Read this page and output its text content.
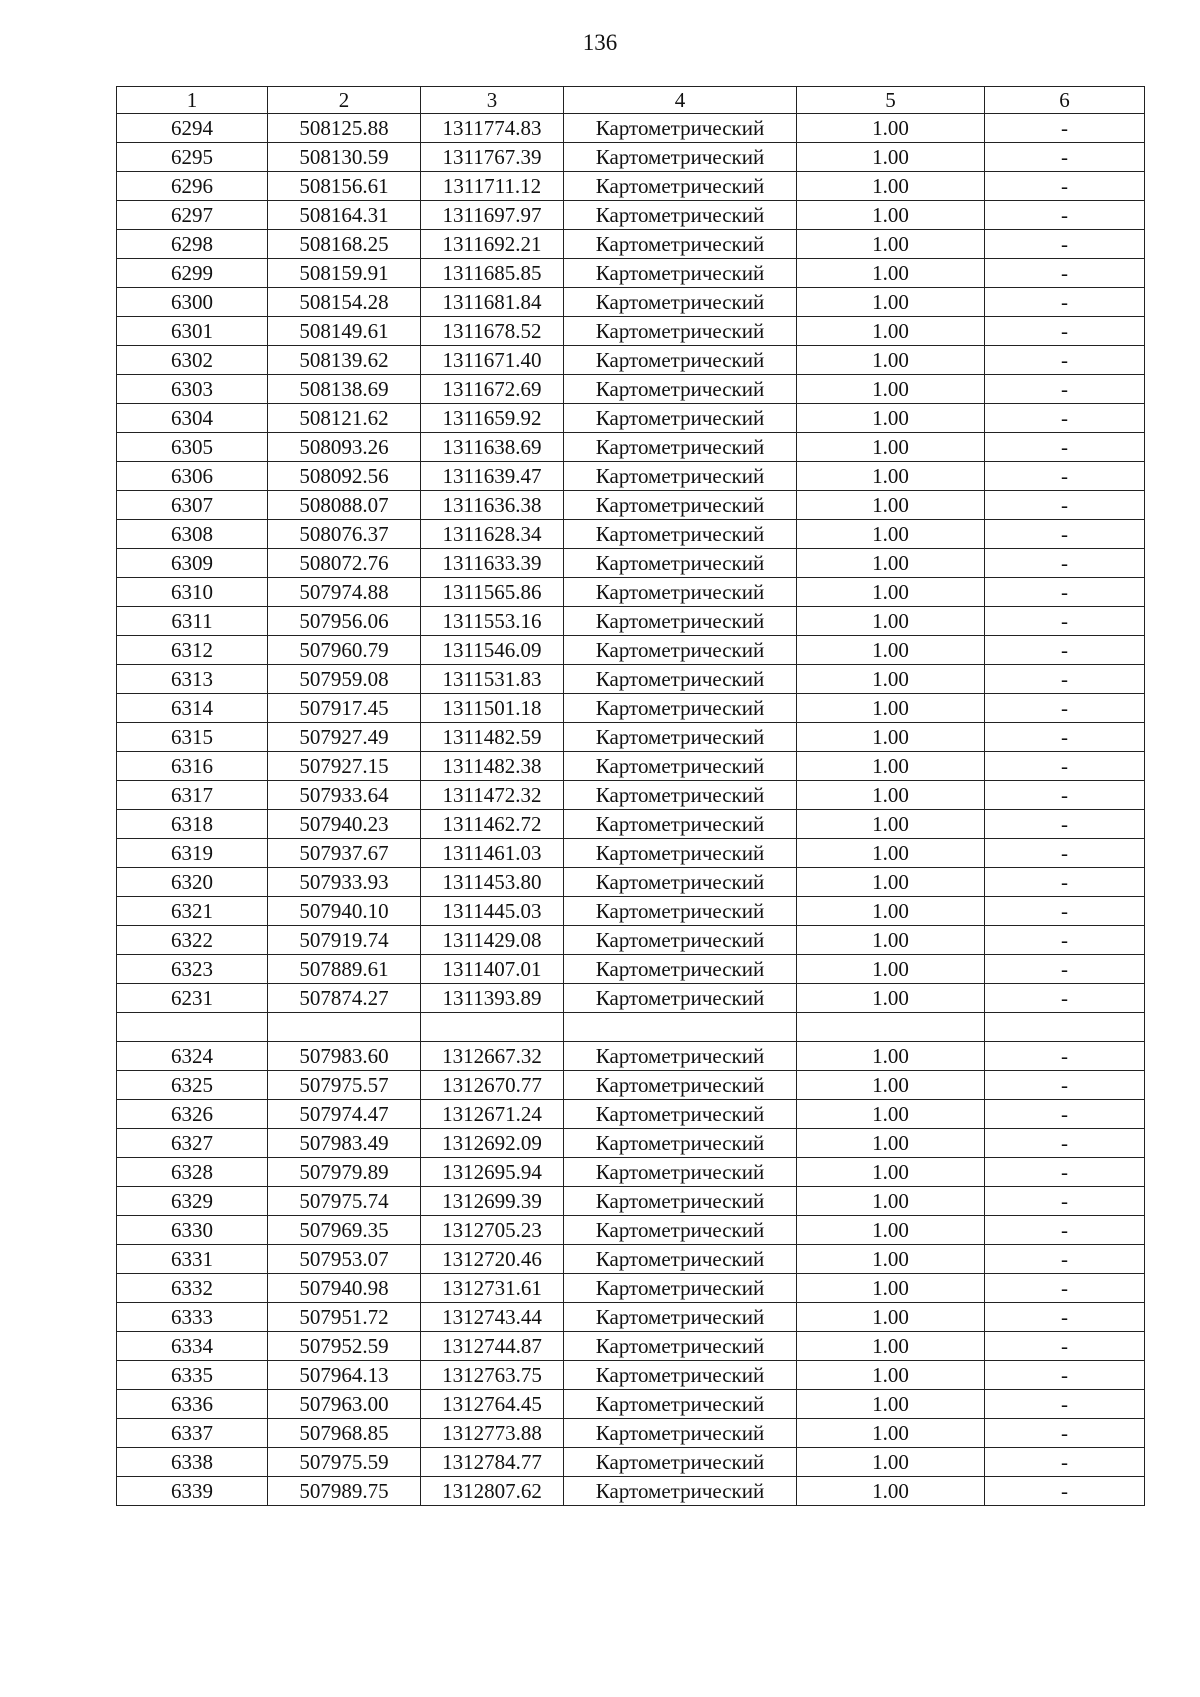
136
1	2	3	4	5	6
6294	508125.88	1311774.83	Картометрический	1.00	-
6295	508130.59	1311767.39	Картометрический	1.00	-
6296	508156.61	1311711.12	Картометрический	1.00	-
6297	508164.31	1311697.97	Картометрический	1.00	-
6298	508168.25	1311692.21	Картометрический	1.00	-
6299	508159.91	1311685.85	Картометрический	1.00	-
6300	508154.28	1311681.84	Картометрический	1.00	-
6301	508149.61	1311678.52	Картометрический	1.00	-
6302	508139.62	1311671.40	Картометрический	1.00	-
6303	508138.69	1311672.69	Картометрический	1.00	-
6304	508121.62	1311659.92	Картометрический	1.00	-
6305	508093.26	1311638.69	Картометрический	1.00	-
6306	508092.56	1311639.47	Картометрический	1.00	-
6307	508088.07	1311636.38	Картометрический	1.00	-
6308	508076.37	1311628.34	Картометрический	1.00	-
6309	508072.76	1311633.39	Картометрический	1.00	-
6310	507974.88	1311565.86	Картометрический	1.00	-
6311	507956.06	1311553.16	Картометрический	1.00	-
6312	507960.79	1311546.09	Картометрический	1.00	-
6313	507959.08	1311531.83	Картометрический	1.00	-
6314	507917.45	1311501.18	Картометрический	1.00	-
6315	507927.49	1311482.59	Картометрический	1.00	-
6316	507927.15	1311482.38	Картометрический	1.00	-
6317	507933.64	1311472.32	Картометрический	1.00	-
6318	507940.23	1311462.72	Картометрический	1.00	-
6319	507937.67	1311461.03	Картометрический	1.00	-
6320	507933.93	1311453.80	Картометрический	1.00	-
6321	507940.10	1311445.03	Картометрический	1.00	-
6322	507919.74	1311429.08	Картометрический	1.00	-
6323	507889.61	1311407.01	Картометрический	1.00	-
6231	507874.27	1311393.89	Картометрический	1.00	-

6324	507983.60	1312667.32	Картометрический	1.00	-
6325	507975.57	1312670.77	Картометрический	1.00	-
6326	507974.47	1312671.24	Картометрический	1.00	-
6327	507983.49	1312692.09	Картометрический	1.00	-
6328	507979.89	1312695.94	Картометрический	1.00	-
6329	507975.74	1312699.39	Картометрический	1.00	-
6330	507969.35	1312705.23	Картометрический	1.00	-
6331	507953.07	1312720.46	Картометрический	1.00	-
6332	507940.98	1312731.61	Картометрический	1.00	-
6333	507951.72	1312743.44	Картометрический	1.00	-
6334	507952.59	1312744.87	Картометрический	1.00	-
6335	507964.13	1312763.75	Картометрический	1.00	-
6336	507963.00	1312764.45	Картометрический	1.00	-
6337	507968.85	1312773.88	Картометрический	1.00	-
6338	507975.59	1312784.77	Картометрический	1.00	-
6339	507989.75	1312807.62	Картометрический	1.00	-
